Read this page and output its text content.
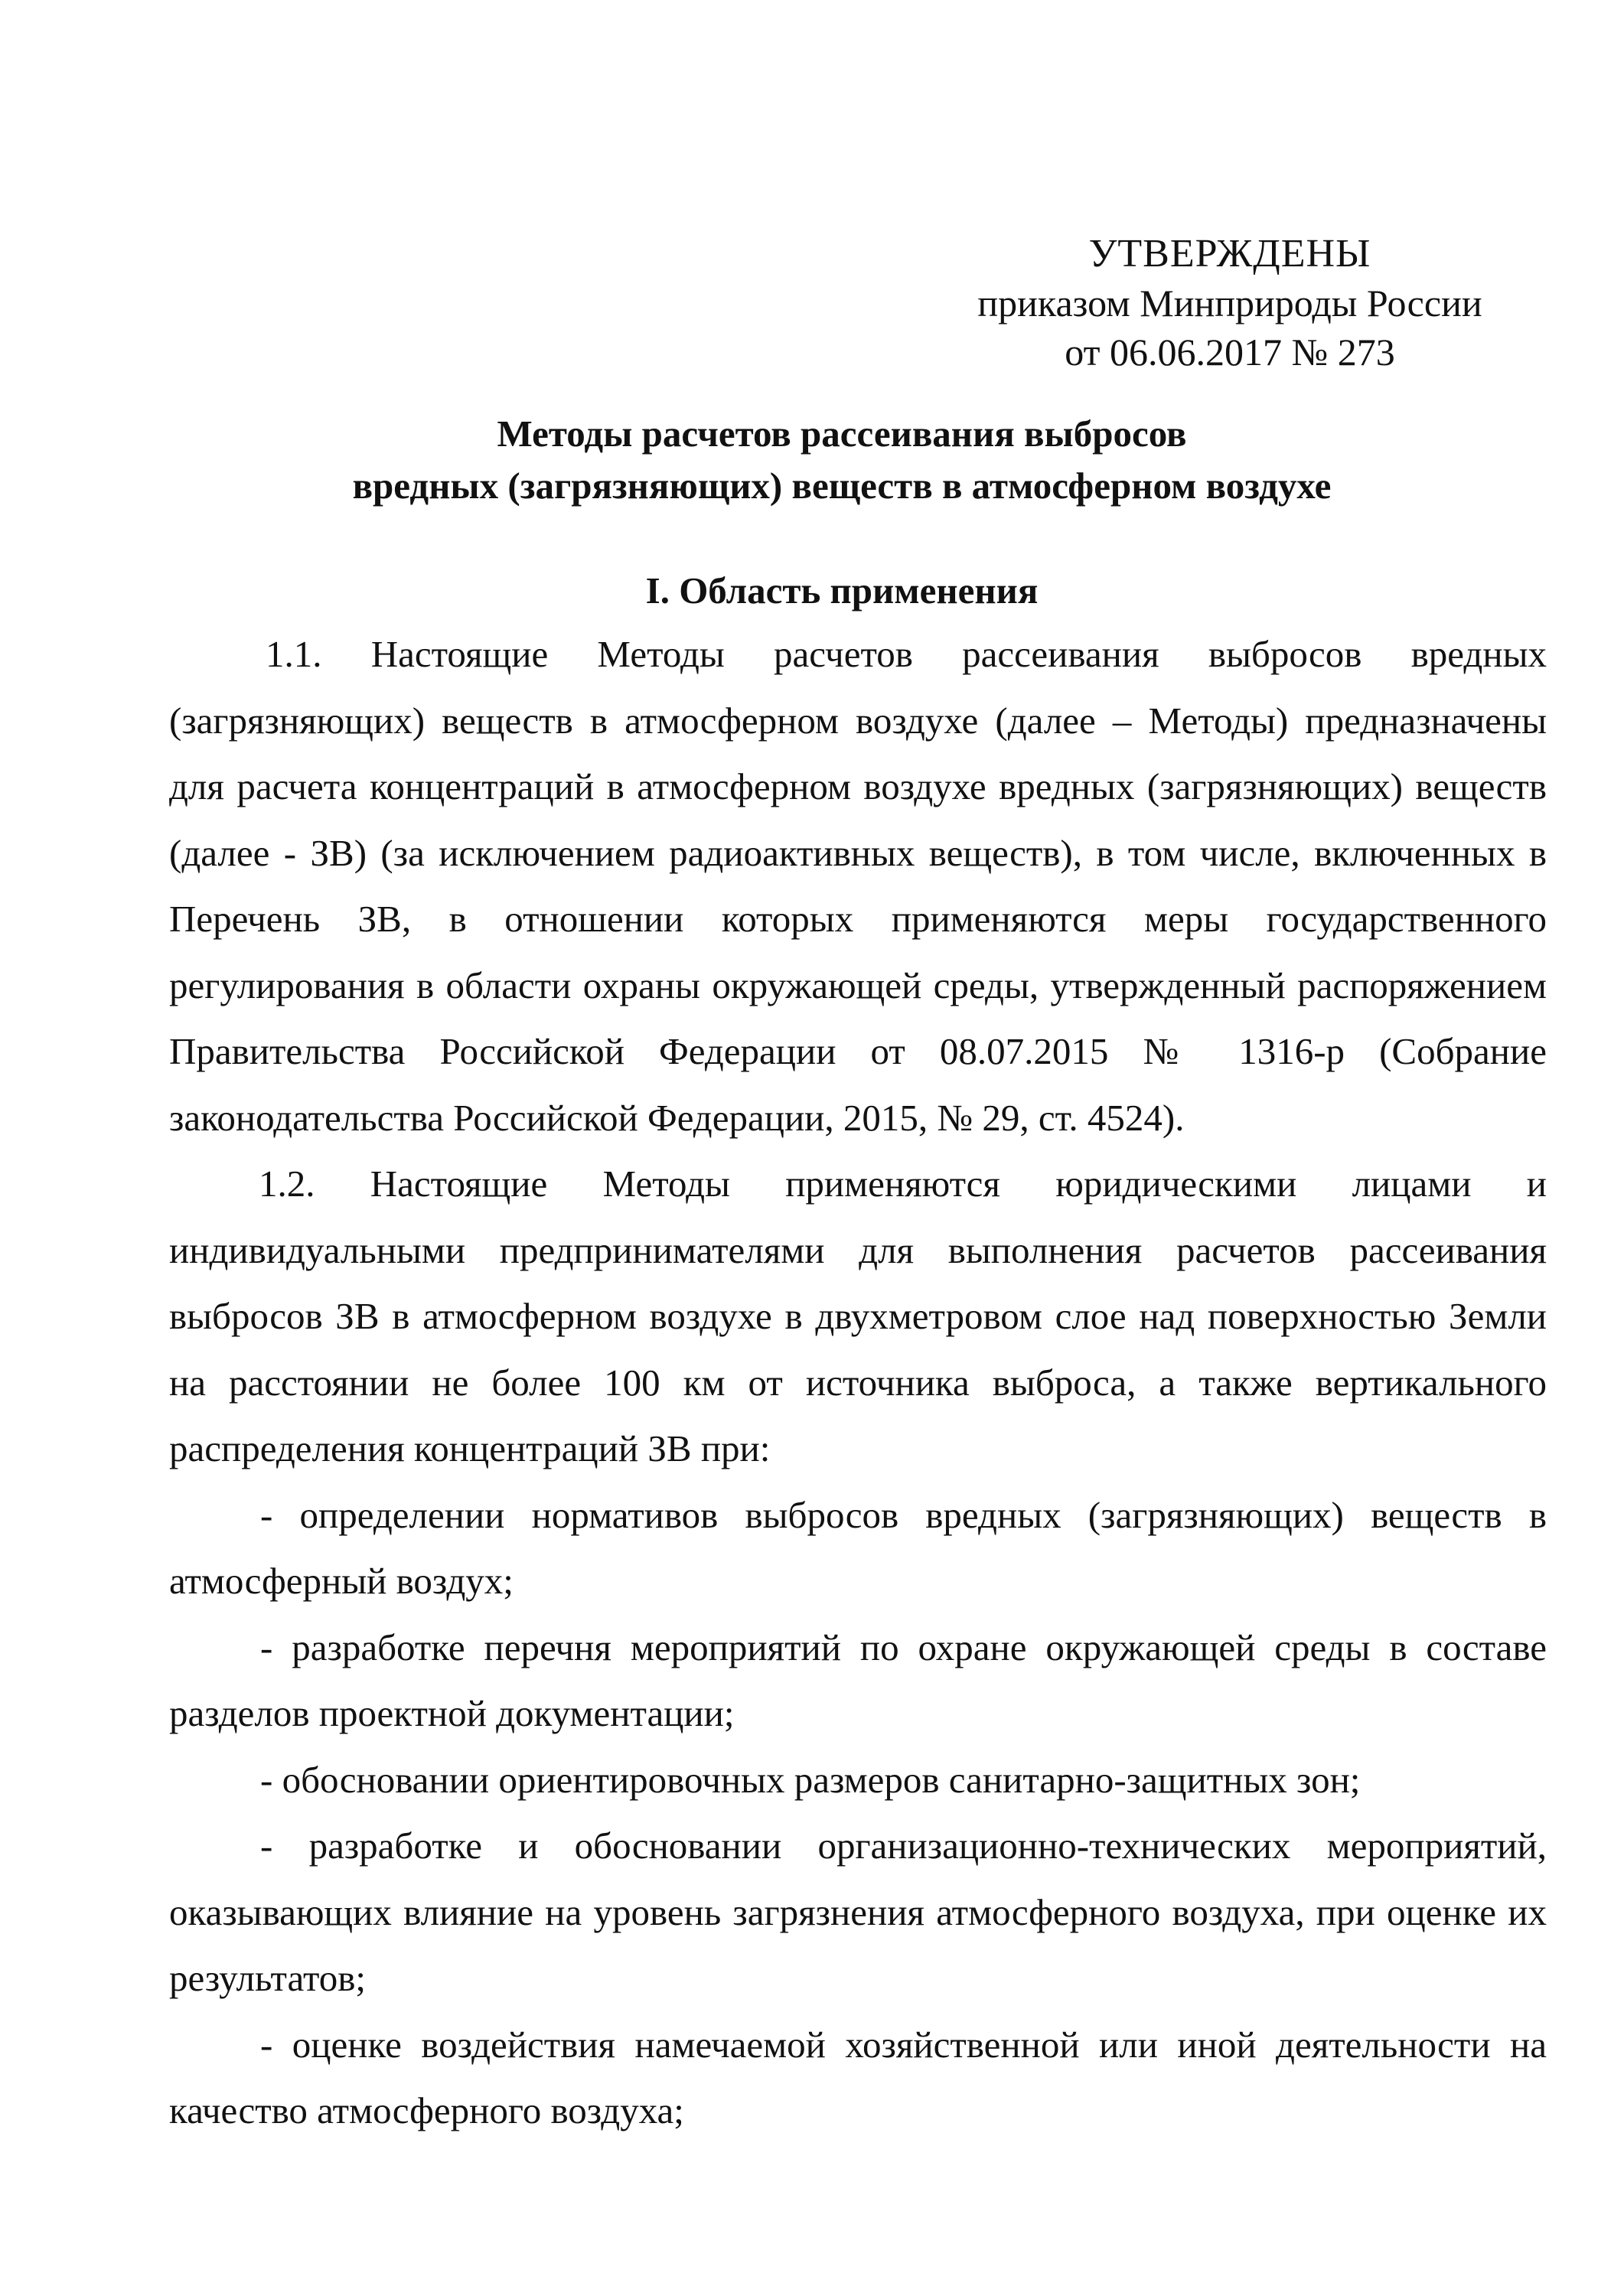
УТВЕРЖДЕНЫ
приказом Минприроды России
от 06.06.2017 № 273
Методы расчетов рассеивания выбросов
вредных (загрязняющих) веществ в атмосферном воздухе
I. Область применения

1.1. Настоящие Методы расчетов рассеивания выбросов вредных (загрязняющих) веществ в атмосферном воздухе (далее – Методы) предназначены для расчета концентраций в атмосферном воздухе вредных (загрязняющих) веществ (далее - ЗВ) (за исключением радиоактивных веществ), в том числе, включенных в Перечень ЗВ, в отношении которых применяются меры государственного регулирования в области охраны окружающей среды, утвержденный распоряжением Правительства Российской Федерации от 08.07.2015 № 1316-р (Собрание законодательства Российской Федерации, 2015, № 29, ст. 4524).

1.2. Настоящие Методы применяются юридическими лицами и индивидуальными предпринимателями для выполнения расчетов рассеивания выбросов ЗВ в атмосферном воздухе в двухметровом слое над поверхностью Земли на расстоянии не более 100 км от источника выброса, а также вертикального распределения концентраций ЗВ при:

- определении нормативов выбросов вредных (загрязняющих) веществ в атмосферный воздух;

- разработке перечня мероприятий по охране окружающей среды в составе разделов проектной документации;

- обосновании ориентировочных размеров санитарно-защитных зон;

- разработке и обосновании организационно-технических мероприятий, оказывающих влияние на уровень загрязнения атмосферного воздуха, при оценке их результатов;

- оценке воздействия намечаемой хозяйственной или иной деятельности на качество атмосферного воздуха;
